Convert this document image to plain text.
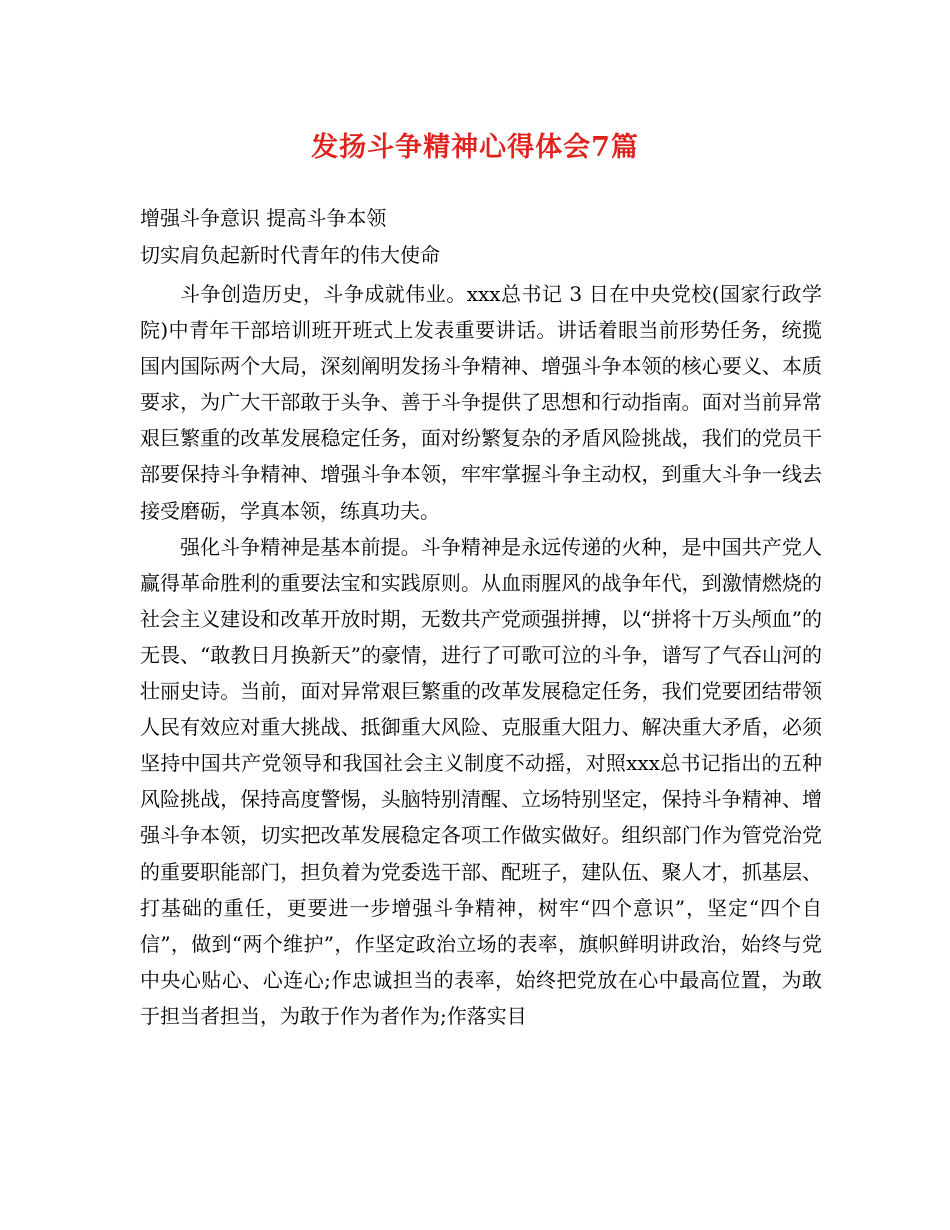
发扬斗争精神心得体会7篇

增强斗争意识 提高斗争本领

切实肩负起新时代青年的伟大使命

斗争创造历史，斗争成就伟业。xxx总书记 3 日在中央党校(国家行政学院)中青年干部培训班开班式上发表重要讲话。讲话着眼当前形势任务，统揽国内国际两个大局，深刻阐明发扬斗争精神、增强斗争本领的核心要义、本质要求，为广大干部敢于头争、善于斗争提供了思想和行动指南。面对当前异常艰巨繁重的改革发展稳定任务，面对纷繁复杂的矛盾风险挑战，我们的党员干部要保持斗争精神、增强斗争本领，牢牢掌握斗争主动权，到重大斗争一线去接受磨砺，学真本领，练真功夫。

强化斗争精神是基本前提。斗争精神是永远传递的火种，是中国共产党人赢得革命胜利的重要法宝和实践原则。从血雨腥风的战争年代，到激情燃烧的社会主义建设和改革开放时期，无数共产党顽强拼搏，以“拼将十万头颅血”的无畏、“敢教日月换新天”的豪情，进行了可歌可泣的斗争，谱写了气吞山河的壮丽史诗。当前，面对异常艰巨繁重的改革发展稳定任务，我们党要团结带领人民有效应对重大挑战、抵御重大风险、克服重大阻力、解决重大矛盾，必须坚持中国共产党领导和我国社会主义制度不动摇，对照xxx总书记指出的五种风险挑战，保持高度警惕，头脑特别清醒、立场特别坚定，保持斗争精神、增强斗争本领，切实把改革发展稳定各项工作做实做好。组织部门作为管党治党的重要职能部门，担负着为党委选干部、配班子，建队伍、聚人才，抓基层、打基础的重任，更要进一步增强斗争精神，树牢“四个意识”，坚定“四个自信”，做到“两个维护”，作坚定政治立场的表率，旗帜鲜明讲政治，始终与党中央心贴心、心连心;作忠诚担当的表率，始终把党放在心中最高位置，为敢于担当者担当，为敢于作为者作为;作落实目
